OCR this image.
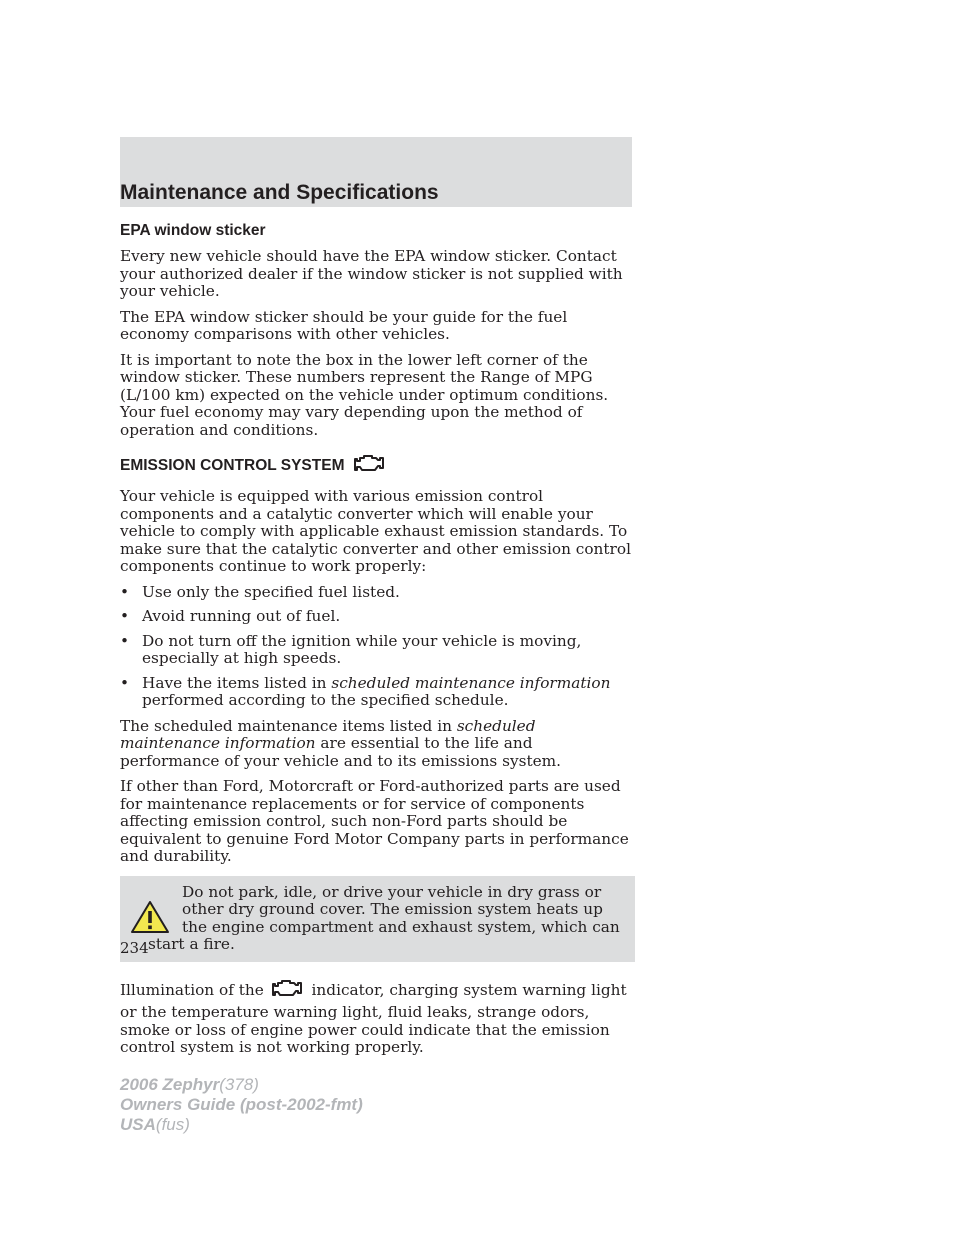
Maintenance and Specifications
EPA window sticker

Every new vehicle should have the EPA window sticker. Contact your authorized dealer if the window sticker is not supplied with your vehicle.

The EPA window sticker should be your guide for the fuel economy comparisons with other vehicles.

It is important to note the box in the lower left corner of the window sticker. These numbers represent the Range of MPG (L/100 km) expected on the vehicle under optimum conditions. Your fuel economy may vary depending upon the method of operation and conditions.

EMISSION CONTROL SYSTEM

Your vehicle is equipped with various emission control components and a catalytic converter which will enable your vehicle to comply with applicable exhaust emission standards. To make sure that the catalytic converter and other emission control components continue to work properly:

• Use only the specified fuel listed.
• Avoid running out of fuel.
• Do not turn off the ignition while your vehicle is moving, especially at high speeds.
• Have the items listed in scheduled maintenance information performed according to the specified schedule.

The scheduled maintenance items listed in scheduled maintenance information are essential to the life and performance of your vehicle and to its emissions system.

If other than Ford, Motorcraft or Ford-authorized parts are used for maintenance replacements or for service of components affecting emission control, such non-Ford parts should be equivalent to genuine Ford Motor Company parts in performance and durability.

Do not park, idle, or drive your vehicle in dry grass or other dry ground cover. The emission system heats up the engine compartment and exhaust system, which can start a fire.

Illumination of the  indicator, charging system warning light or the temperature warning light, fluid leaks, strange odors, smoke or loss of engine power could indicate that the emission control system is not working properly.

234
2006 Zephyr(378)
Owners Guide (post-2002-fmt)
USA(fus)
